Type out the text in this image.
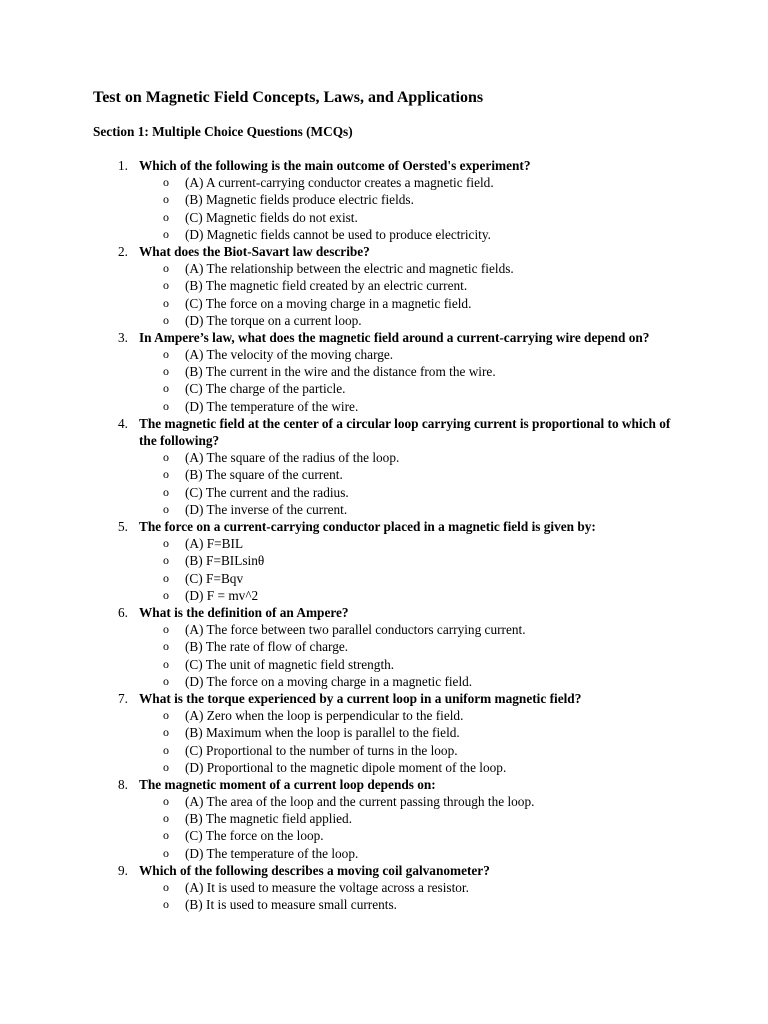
Test on Magnetic Field Concepts, Laws, and Applications
Section 1: Multiple Choice Questions (MCQs)
1. Which of the following is the main outcome of Oersted's experiment?
o (A) A current-carrying conductor creates a magnetic field.
o (B) Magnetic fields produce electric fields.
o (C) Magnetic fields do not exist.
o (D) Magnetic fields cannot be used to produce electricity.
2. What does the Biot-Savart law describe?
o (A) The relationship between the electric and magnetic fields.
o (B) The magnetic field created by an electric current.
o (C) The force on a moving charge in a magnetic field.
o (D) The torque on a current loop.
3. In Ampere’s law, what does the magnetic field around a current-carrying wire depend on?
o (A) The velocity of the moving charge.
o (B) The current in the wire and the distance from the wire.
o (C) The charge of the particle.
o (D) The temperature of the wire.
4. The magnetic field at the center of a circular loop carrying current is proportional to which of the following?
o (A) The square of the radius of the loop.
o (B) The square of the current.
o (C) The current and the radius.
o (D) The inverse of the current.
5. The force on a current-carrying conductor placed in a magnetic field is given by:
o (A) F=BIL
o (B) F=BILsinθ
o (C) F=Bqv
o (D) F = mv^2
6. What is the definition of an Ampere?
o (A) The force between two parallel conductors carrying current.
o (B) The rate of flow of charge.
o (C) The unit of magnetic field strength.
o (D) The force on a moving charge in a magnetic field.
7. What is the torque experienced by a current loop in a uniform magnetic field?
o (A) Zero when the loop is perpendicular to the field.
o (B) Maximum when the loop is parallel to the field.
o (C) Proportional to the number of turns in the loop.
o (D) Proportional to the magnetic dipole moment of the loop.
8. The magnetic moment of a current loop depends on:
o (A) The area of the loop and the current passing through the loop.
o (B) The magnetic field applied.
o (C) The force on the loop.
o (D) The temperature of the loop.
9. Which of the following describes a moving coil galvanometer?
o (A) It is used to measure the voltage across a resistor.
o (B) It is used to measure small currents.
